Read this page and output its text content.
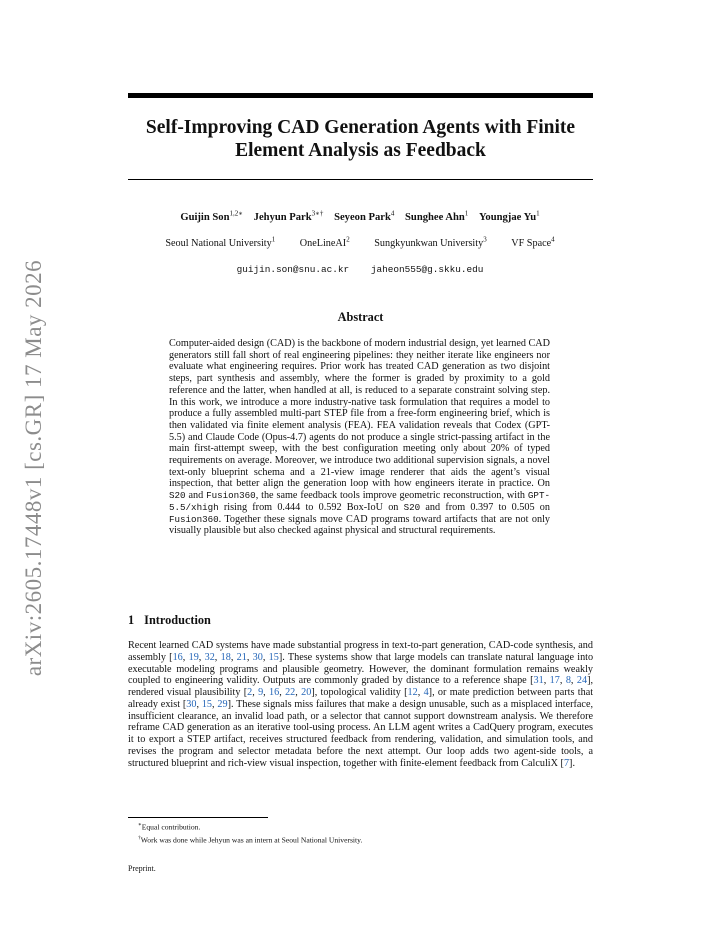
arXiv:2605.17448v1 [cs.GR] 17 May 2026
Self-Improving CAD Generation Agents with Finite
Element Analysis as Feedback
Guijin Son$^{1,2∗}$ Jehyun Park$^{3∗\dagger}$ Seyeon Park$^4$ Sunghee Ahn$^1$ Youngjae Yu$^1$
Seoul National University$^1$ OneLineAI$^2$ Sungkyunkwan University$^3$ VF Space$^4$
guijin.son@snu.ac.kr jaheon555@g.skku.edu
Abstract
Computer-aided design (CAD) is the backbone of modern industrial design, yet learned CAD generators still fall short of real engineering pipelines: they neither iterate like engineers nor evaluate what engineering requires. Prior work has treated CAD generation as two disjoint steps, part synthesis and assembly, where the former is graded by proximity to a gold reference and the latter, when handled at all, is reduced to a separate constraint solving step. In this work, we introduce a more industry-native task formulation that requires a model to produce a fully assembled multi-part STEP file from a free-form engineering brief, which is then validated via finite element analysis (FEA). FEA validation reveals that Codex (GPT-5.5) and Claude Code (Opus-4.7) agents do not produce a single strict-passing artifact in the main first-attempt sweep, with the best configuration meeting only about 20% of typed requirements on average. Moreover, we introduce two additional supervision signals, a novel text-only blueprint schema and a 21-view image renderer that aids the agent’s visual inspection, that better align the generation loop with how engineers iterate in practice. On S20 and Fusion360, the same feedback tools improve geometric reconstruction, with GPT-5.5/xhigh rising from 0.444 to 0.592 Box-IoU on S20 and from 0.397 to 0.505 on Fusion360. Together these signals move CAD programs toward artifacts that are not only visually plausible but also checked against physical and structural requirements.
1 Introduction
Recent learned CAD systems have made substantial progress in text-to-part generation, CAD-code synthesis, and assembly [16, 19, 32, 18, 21, 30, 15]. These systems show that large models can translate natural language into executable modeling programs and plausible geometry. However, the dominant formulation remains weakly coupled to engineering validity. Outputs are commonly graded by distance to a reference shape [31, 17, 8, 24], rendered visual plausibility [2, 9, 16, 22, 20], topological validity [12, 4], or mate prediction between parts that already exist [30, 15, 29]. These signals miss failures that make a design unusable, such as a misplaced interface, insufficient clearance, an invalid load path, or a selector that cannot support downstream analysis. We therefore reframe CAD generation as an iterative tool-using process. An LLM agent writes a CadQuery program, executes it to export a STEP artifact, receives structured feedback from rendering, validation, and simulation tools, and revises the program and selector metadata before the next attempt. Our loop adds two agent-side tools, a structured blueprint and rich-view visual inspection, together with finite-element feedback from CalculiX [7].
∗Equal contribution.
†Work was done while Jehyun was an intern at Seoul National University.
Preprint.
